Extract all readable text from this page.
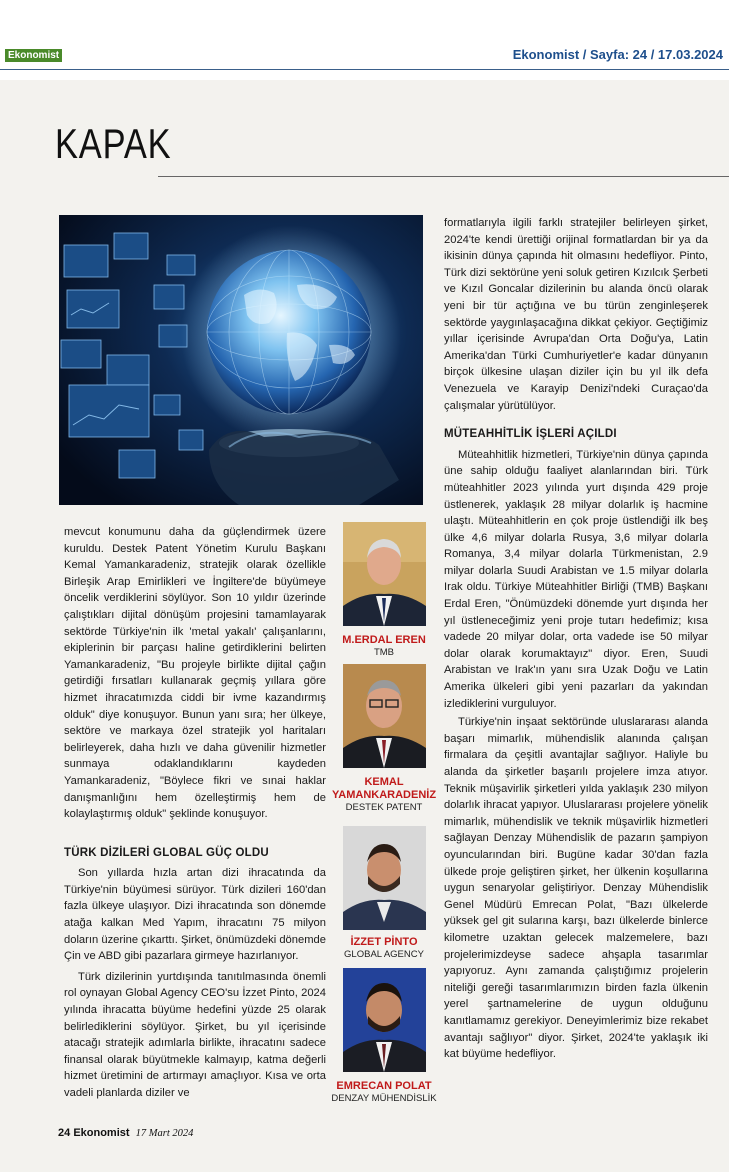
Ekonomist	Ekonomist / Sayfa: 24 / 17.03.2024
KAPAK

mevcut konumunu daha da güçlendirmek üzere kuruldu. Destek Patent Yönetim Kurulu Başkanı Kemal Yamankaradeniz, stratejik olarak özellikle Birleşik Arap Emirlikleri ve İngiltere'de büyümeye öncelik verdiklerini söylüyor. Son 10 yıldır üzerinde çalıştıkları dijital dönüşüm projesini tamamlayarak sektörde Türkiye'nin ilk 'metal yakalı' çalışanlarını, ekiplerinin bir parçası haline getirdiklerini belirten Yamankaradeniz, "Bu projeyle birlikte dijital çağın getirdiği fırsatları kullanarak geçmiş yıllara göre hizmet ihracatımızda ciddi bir ivme kazandırmış olduk" diye konuşuyor. Bunun yanı sıra; her ülkeye, sektöre ve markaya özel stratejik yol haritaları belirleyerek, daha hızlı ve daha güvenilir hizmetler sunmaya odaklandıklarını kaydeden Yamankaradeniz, "Böylece fikri ve sınai haklar danışmanlığını hem özelleştirmiş hem de kolaylaştırmış olduk" şeklinde konuşuyor.

TÜRK DİZİLERİ GLOBAL GÜÇ OLDU

Son yıllarda hızla artan dizi ihracatında da Türkiye'nin büyümesi sürüyor. Türk dizileri 160'dan fazla ülkeye ulaşıyor. Dizi ihracatında son dönemde atağa kalkan Med Yapım, ihracatını 75 milyon doların üzerine çıkarttı. Şirket, önümüzdeki dönemde Çin ve ABD gibi pazarlara girmeye hazırlanıyor.

Türk dizilerinin yurtdışında tanıtılmasında önemli rol oynayan Global Agency CEO'su İzzet Pinto, 2024 yılında ihracatta büyüme hedefini yüzde 25 olarak belirlediklerini söylüyor. Şirket, bu yıl içerisinde atacağı stratejik adımlarla birlikte, ihracatını sadece finansal olarak büyütmekle kalmayıp, katma değerli hizmet üretimini de artırmayı amaçlıyor. Kısa ve orta vadeli planlarda diziler ve

formatlarıyla ilgili farklı stratejiler belirleyen şirket, 2024'te kendi ürettiği orijinal formatlardan bir ya da ikisinin dünya çapında hit olmasını hedefliyor. Pinto, Türk dizi sektörüne yeni soluk getiren Kızılcık Şerbeti ve Kızıl Goncalar dizilerinin bu alanda öncü olarak yeni bir tür açtığına ve bu türün zenginleşerek sektörde yaygınlaşacağına dikkat çekiyor. Geçtiğimiz yıllar içerisinde Avrupa'dan Orta Doğu'ya, Latin Amerika'dan Türki Cumhuriyetler'e kadar dünyanın birçok ülkesine ulaşan diziler için bu yıl ilk defa Venezuela ve Karayip Denizi'ndeki Curaçao'da çalışmalar yürütülüyor.

MÜTEAHHİTLİK İŞLERİ AÇILDI

Müteahhitlik hizmetleri, Türkiye'nin dünya çapında üne sahip olduğu faaliyet alanlarından biri. Türk müteahhitler 2023 yılında yurt dışında 429 proje üstlenerek, yaklaşık 28 milyar dolarlık iş hacmine ulaştı. Müteahhitlerin en çok proje üstlendiği ilk beş ülke 4,6 milyar dolarla Rusya, 3,6 milyar dolarla Romanya, 3,4 milyar dolarla Türkmenistan, 2.9 milyar dolarla Suudi Arabistan ve 1.5 milyar dolarla Irak oldu. Türkiye Müteahhitler Birliği (TMB) Başkanı Erdal Eren, "Önümüzdeki dönemde yurt dışında her yıl üstleneceğimiz yeni proje tutarı hedefimiz; kısa vadede 20 milyar dolar, orta vadede ise 50 milyar dolar olarak korumaktayız" diyor. Eren, Suudi Arabistan ve Irak'ın yanı sıra Uzak Doğu ve Latin Amerika ülkeleri gibi yeni pazarları da yakından izlediklerini vurguluyor.

Türkiye'nin inşaat sektöründe uluslararası alanda başarı mimarlık, mühendislik alanında çalışan firmalara da çeşitli avantajlar sağlıyor. Haliyle bu alanda da şirketler başarılı projelere imza atıyor. Teknik müşavirlik şirketleri yılda yaklaşık 230 milyon dolarlık ihracat yapıyor. Uluslararası projelere yönelik mimarlık, mühendislik ve teknik müşavirlik hizmetleri sağlayan Denzay Mühendislik de pazarın şampiyon oyuncularından biri. Bugüne kadar 30'dan fazla ülkede proje geliştiren şirket, her ülkenin koşullarına uygun senaryolar geliştiriyor. Denzay Mühendislik Genel Müdürü Emrecan Polat, "Bazı ülkelerde yüksek gel git sularına karşı, bazı ülkelerde binlerce kilometre uzaktan gelecek malzemelere, bazı projelerimizdeyse sadece ahşapla tasarımlar yapıyoruz. Aynı zamanda çalıştığımız projelerin niteliği gereği tasarımlarımızın birden fazla ülkenin yerel şartnamelerine de uygun olduğunu kanıtlamamız gerekiyor. Deneyimlerimiz bize rekabet avantajı sağlıyor" diyor. Şirket, 2024'te yaklaşık iki kat büyüme hedefliyor.

M.ERDAL EREN
TMB
KEMAL YAMANKARADENİZ
DESTEK PATENT
İZZET PİNTO
GLOBAL AGENCY
EMRECAN POLAT
DENZAY MÜHENDİSLİK
24 Ekonomist 17 Mart 2024
